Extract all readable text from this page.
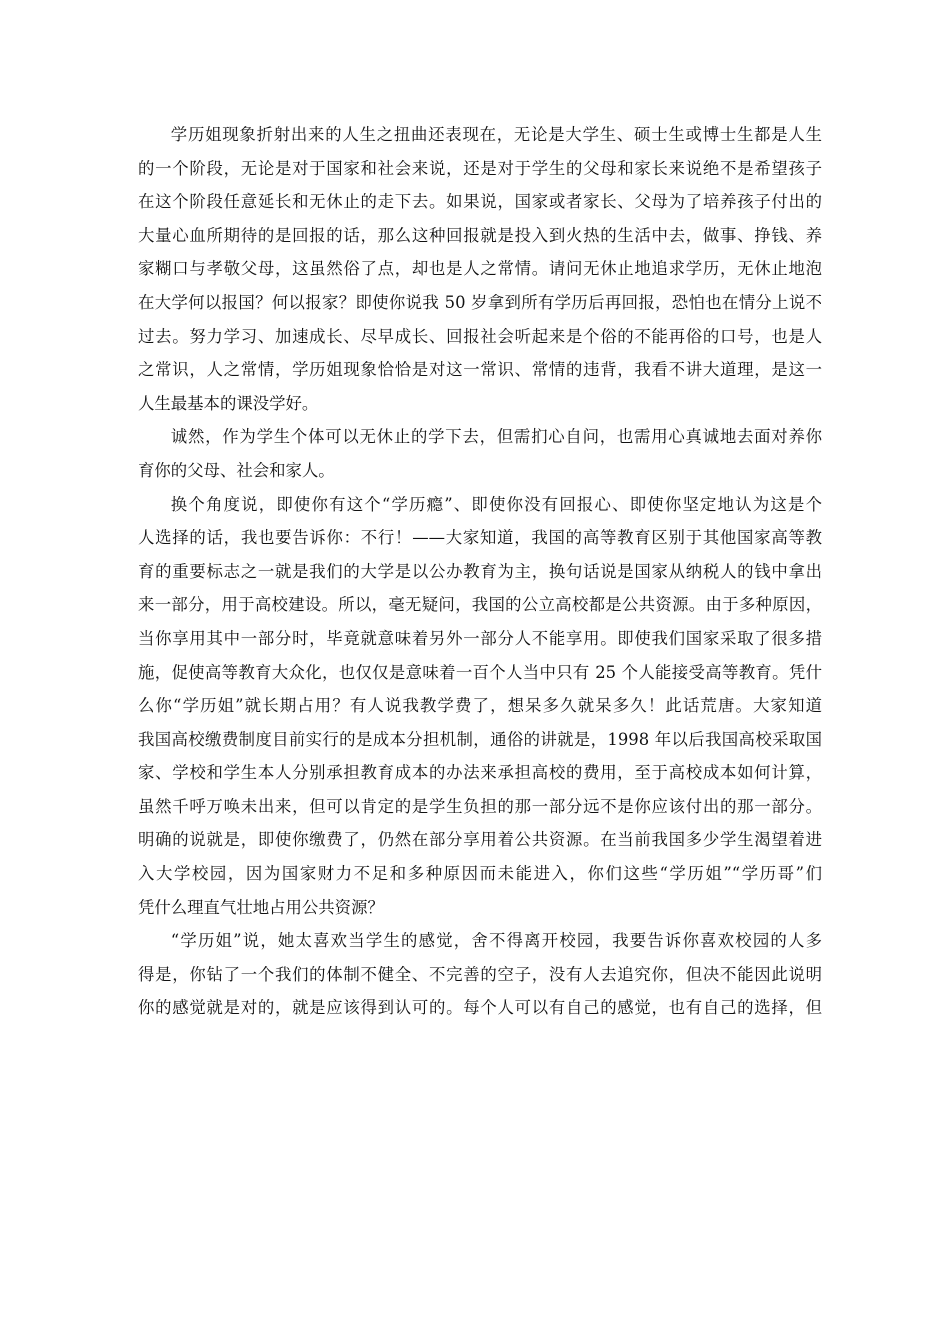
学历姐现象折射出来的人生之扭曲还表现在，无论是大学生、硕士生或博士生都是人生
的一个阶段，无论是对于国家和社会来说，还是对于学生的父母和家长来说绝不是希望孩子
在这个阶段任意延长和无休止的走下去。如果说，国家或者家长、父母为了培养孩子付出的
大量心血所期待的是回报的话，那么这种回报就是投入到火热的生活中去，做事、挣钱、养
家糊口与孝敬父母，这虽然俗了点，却也是人之常情。请问无休止地追求学历，无休止地泡
在大学何以报国？何以报家？即使你说我 50 岁拿到所有学历后再回报，恐怕也在情分上说不
过去。努力学习、加速成长、尽早成长、回报社会听起来是个俗的不能再俗的口号，也是人
之常识，人之常情，学历姐现象恰恰是对这一常识、常情的违背，我看不讲大道理，是这一
人生最基本的课没学好。
诚然，作为学生个体可以无休止的学下去，但需扪心自问，也需用心真诚地去面对养你
育你的父母、社会和家人。
换个角度说，即使你有这个“学历瘾”、即使你没有回报心、即使你坚定地认为这是个
人选择的话，我也要告诉你：不行！——大家知道，我国的高等教育区别于其他国家高等教
育的重要标志之一就是我们的大学是以公办教育为主，换句话说是国家从纳税人的钱中拿出
来一部分，用于高校建设。所以，毫无疑问，我国的公立高校都是公共资源。由于多种原因，
当你享用其中一部分时，毕竟就意味着另外一部分人不能享用。即使我们国家采取了很多措
施，促使高等教育大众化，也仅仅是意味着一百个人当中只有 25 个人能接受高等教育。凭什
么你“学历姐”就长期占用？有人说我教学费了，想呆多久就呆多久！此话荒唐。大家知道
我国高校缴费制度目前实行的是成本分担机制，通俗的讲就是，1998 年以后我国高校采取国
家、学校和学生本人分别承担教育成本的办法来承担高校的费用，至于高校成本如何计算，
虽然千呼万唤未出来，但可以肯定的是学生负担的那一部分远不是你应该付出的那一部分。
明确的说就是，即使你缴费了，仍然在部分享用着公共资源。在当前我国多少学生渴望着进
入大学校园，因为国家财力不足和多种原因而未能进入，你们这些“学历姐”“学历哥”们
凭什么理直气壮地占用公共资源？
“学历姐”说，她太喜欢当学生的感觉，舍不得离开校园，我要告诉你喜欢校园的人多
得是，你钻了一个我们的体制不健全、不完善的空子，没有人去追究你，但决不能因此说明
你的感觉就是对的，就是应该得到认可的。每个人可以有自己的感觉，也有自己的选择，但
